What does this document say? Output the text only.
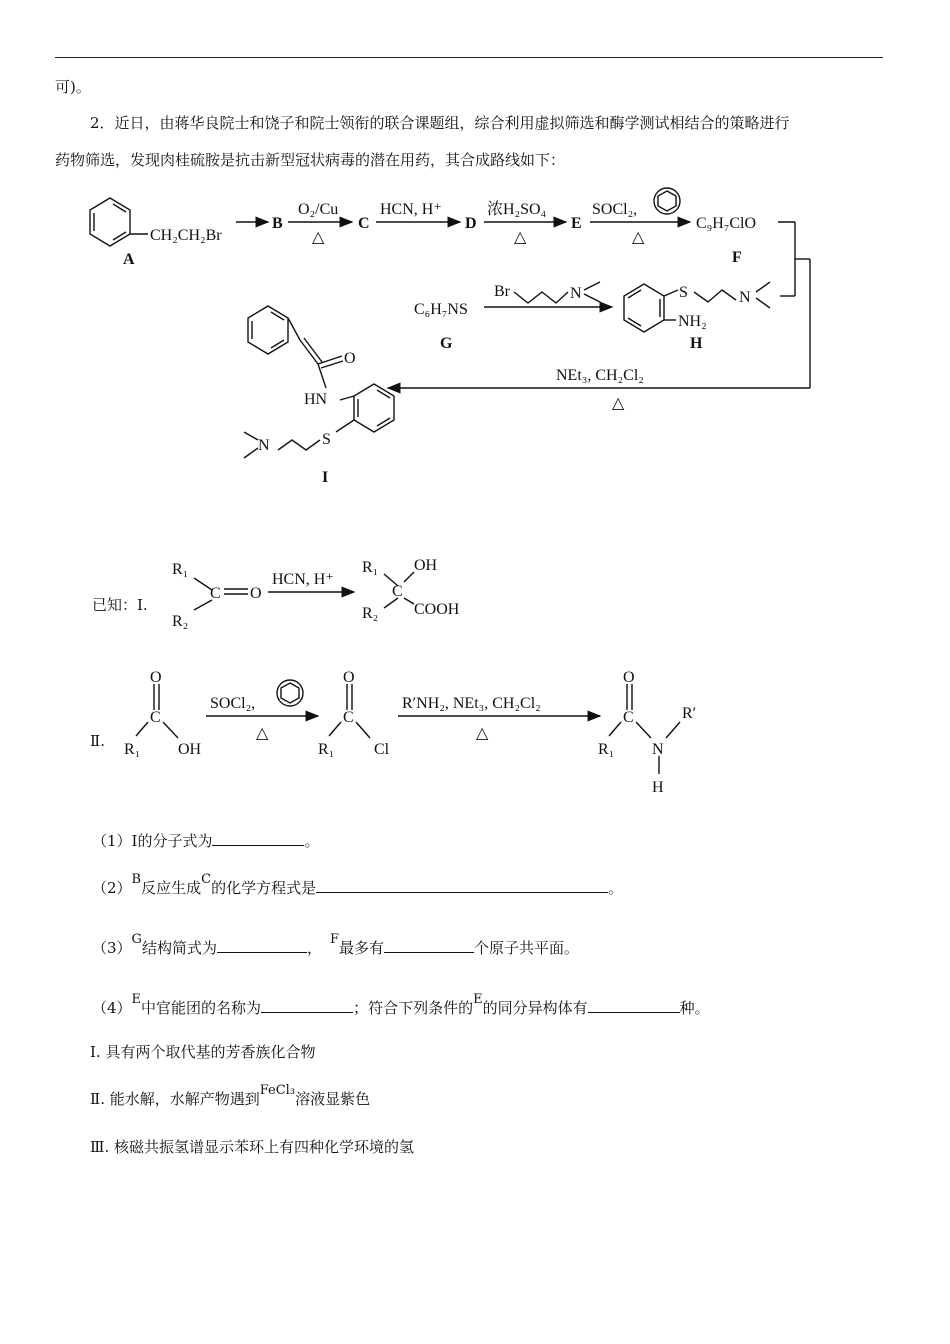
可)。
2．近日，由蒋华良院士和饶子和院士领衔的联合课题组，综合利用虚拟筛选和酶学测试相结合的策略进行
药物筛选，发现肉桂硫胺是抗击新型冠状病毒的潜在用药，其合成路线如下：
CH₂CH₂Br
A
B	C	D	E
O₂/Cu
△
HCN, H⁺	浓H₂SO₄
△
SOCl₂,
△
C₉H₇ClO
F
C₆H₇NS
G
Br	N	S	N
NH₂
H
NEt₃, CH₂Cl₂
△
O
HN
S
N
I
R₁
R₂
C O
HCN, H⁺
R₁
R₂
C
OH
COOH
O
C
R₁ OH
SOCl₂,
△
O
C
R₁ Cl
R′NH₂, NEt₃, CH₂Cl₂
△
O
C
R₁ N
H
R′
已知：Ⅰ.
Ⅱ.
（1）Ⅰ的分子式为	。
（2）B反应生成C的化学方程式是	。
（3）G结构简式为	， F最多有	个原子共平面。
（4）E中官能团的名称为	；符合下列条件的E的同分异构体有	种。
Ⅰ. 具有两个取代基的芳香族化合物
Ⅱ. 能水解，水解产物遇到FeCl₃溶液显紫色
Ⅲ. 核磁共振氢谱显示苯环上有四种化学环境的氢
